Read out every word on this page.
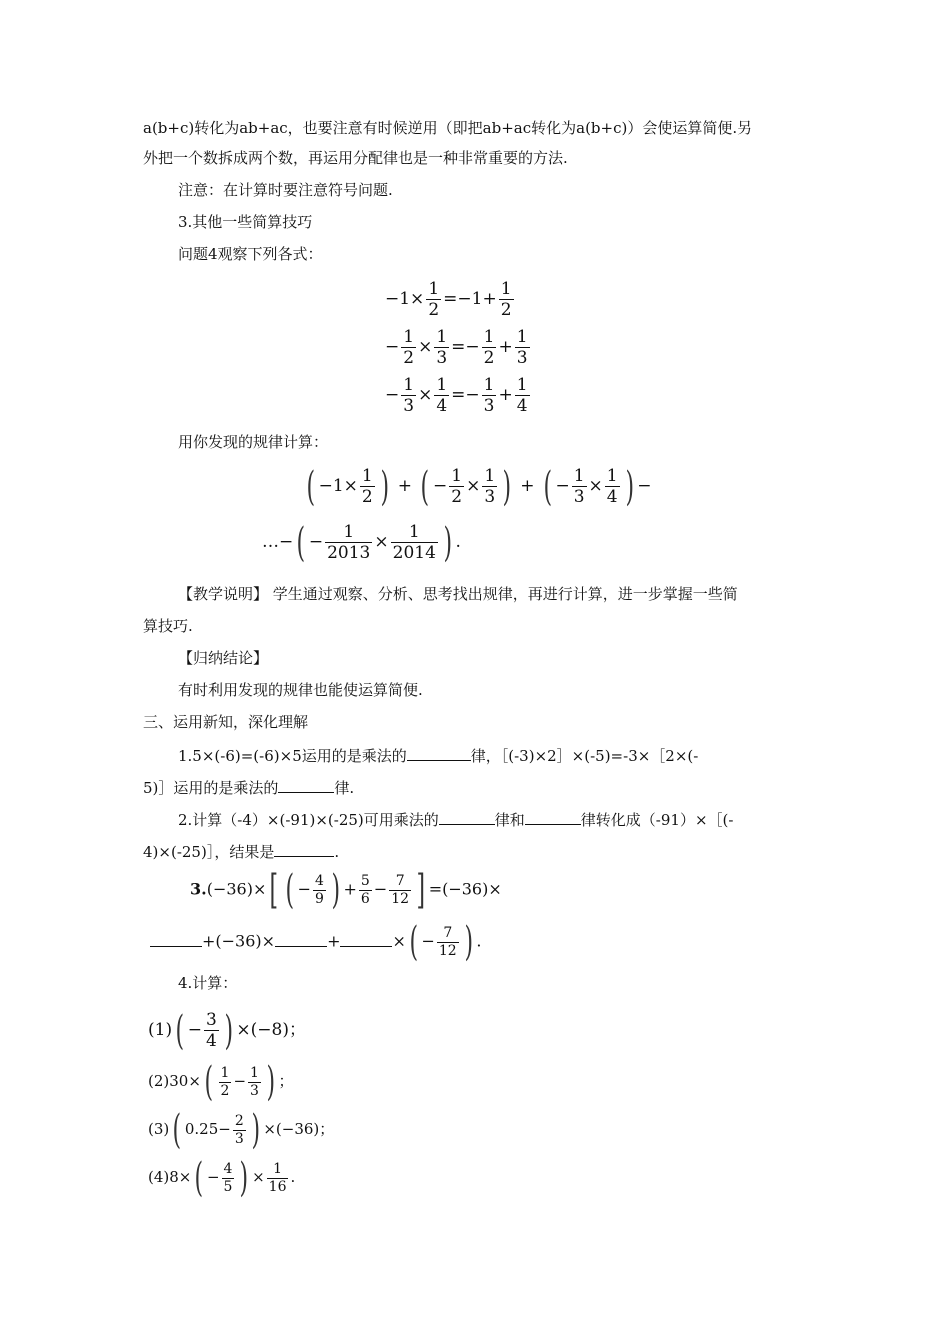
a(b+c)转化为ab+ac，也要注意有时候逆用（即把ab+ac转化为a(b+c)）会使运算简便.另
外把一个数拆成两个数，再运用分配律也是一种非常重要的方法.
注意：在计算时要注意符号问题.
3.其他一些简算技巧
问题4观察下列各式：
$-1\times \frac{1}{2} =-1+ \frac{1}{2}$
− $\frac{1}{2} \times \frac{1}{3} =- \frac{1}{2} + \frac{1}{3}$
− $\frac{1}{3} \times \frac{1}{4} =- \frac{1}{3} + \frac{1}{4}$
用你发现的规律计算：
( $-1\times \frac{1}{2}$ ) + ( − $\frac{1}{2} \times \frac{1}{3}$ ) + ( − $\frac{1}{3} \times \frac{1}{4}$ ) −
…−( − $\frac{1}{2013} \times \frac{1}{2014}$ ) .
【教学说明】 学生通过观察、分析、思考找出规律，再进行计算，进一步掌握一些简
算技巧.
【归纳结论】
有时利用发现的规律也能使运算简便.
三、运用新知，深化理解
1.5×(-6)=(-6)×5运用的是乘法的	律，［(-3)×2］×(-5)=-3×［2×(-
5)］运用的是乘法的	律.
2.计算（-4）×(-91)×(-25)可用乘法的	律和	律转化成（-91）×［(-
4)×(-25)］，结果是	.
3.(−36)×[ ( − $\frac{4}{9}$ ) + $\frac{5}{6} - \frac{7}{12}$ ] =(−36)×
+(−36)×	+	×( − $\frac{7}{12}$ ) .
4.计算：
$(1)( - \frac{3}{4}$ ) ×(−8)；
$(2)30\times( \frac{1}{2} - \frac{1}{3}$ ) ；
(3)( $0.25- \frac{2}{3}$ ) ×(−36)；
$(4)8\times( - \frac{4}{5}$ ) × $\frac{1}{16}$ .
